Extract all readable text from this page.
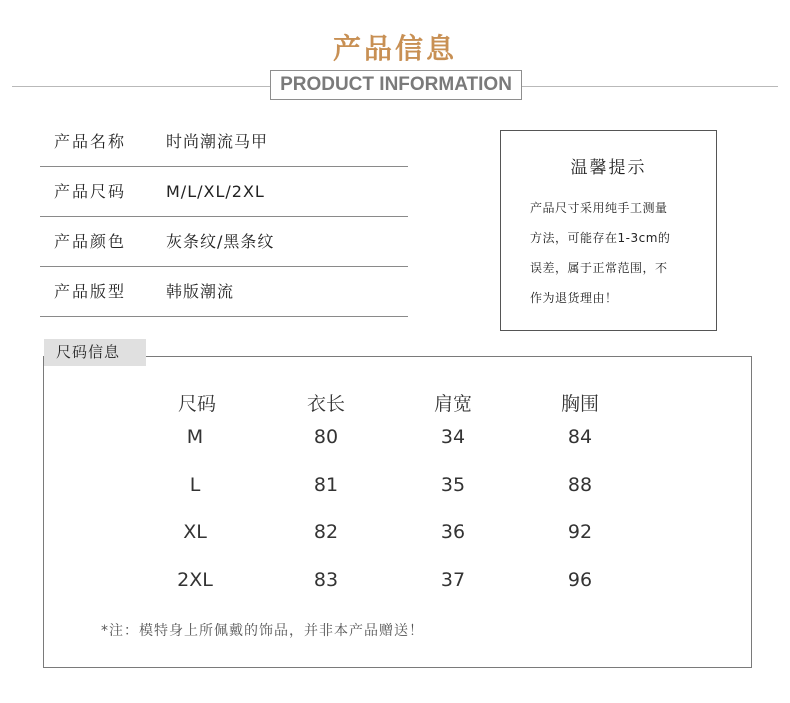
产品信息
PRODUCT INFORMATION
产品名称 时尚潮流马甲
产品尺码 M/L/XL/2XL
产品颜色 灰条纹/黑条纹
产品版型 韩版潮流
温馨提示
产品尺寸采用纯手工测量
方法，可能存在1-3cm的
误差，属于正常范围，不
作为退货理由！
尺码信息
尺码	衣长	肩宽	胸围
M	80	34	84
L	81	35	88
XL	82	36	92
2XL	83	37	96
*注：模特身上所佩戴的饰品，并非本产品赠送！
